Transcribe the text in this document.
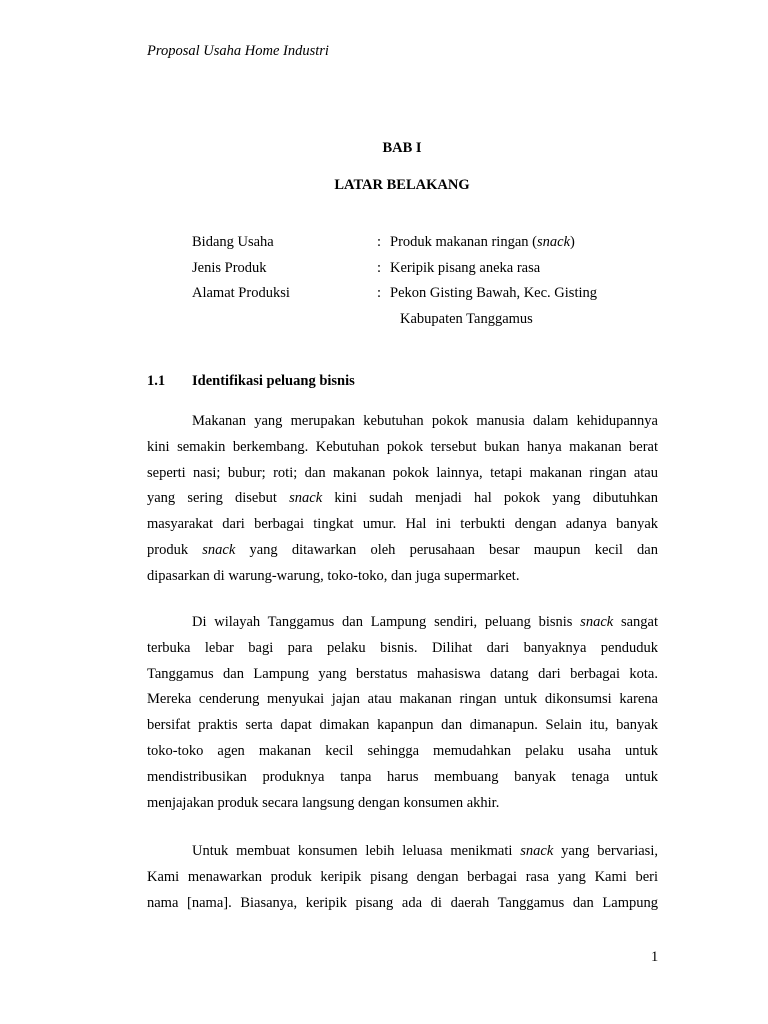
Proposal Usaha Home Industri
BAB I
LATAR BELAKANG
Bidang Usaha	: Produk makanan ringan (snack)
Jenis Produk	: Keripik pisang aneka rasa
Alamat Produksi	: Pekon Gisting Bawah, Kec. Gisting
Kabupaten Tanggamus
1.1	Identifikasi peluang bisnis
Makanan yang merupakan kebutuhan pokok manusia dalam kehidupannya
kini semakin berkembang. Kebutuhan pokok tersebut bukan hanya makanan berat
seperti nasi; bubur; roti; dan makanan pokok lainnya, tetapi makanan ringan atau
yang sering disebut snack kini sudah menjadi hal pokok yang dibutuhkan
masyarakat dari berbagai tingkat umur. Hal ini terbukti dengan adanya banyak
produk snack yang ditawarkan oleh perusahaan besar maupun kecil dan
dipasarkan di warung-warung, toko-toko, dan juga supermarket.
Di wilayah Tanggamus dan Lampung sendiri, peluang bisnis snack sangat
terbuka lebar bagi para pelaku bisnis. Dilihat dari banyaknya penduduk
Tanggamus dan Lampung yang berstatus mahasiswa datang dari berbagai kota.
Mereka cenderung menyukai jajan atau makanan ringan untuk dikonsumsi karena
bersifat praktis serta dapat dimakan kapanpun dan dimanapun. Selain itu, banyak
toko-toko agen makanan kecil sehingga memudahkan pelaku usaha untuk
mendistribusikan produknya tanpa harus membuang banyak tenaga untuk
menjajakan produk secara langsung dengan konsumen akhir.
Untuk membuat konsumen lebih leluasa menikmati snack yang bervariasi,
Kami menawarkan produk keripik pisang dengan berbagai rasa yang Kami beri
nama [nama]. Biasanya, keripik pisang ada di daerah Tanggamus dan Lampung
1
